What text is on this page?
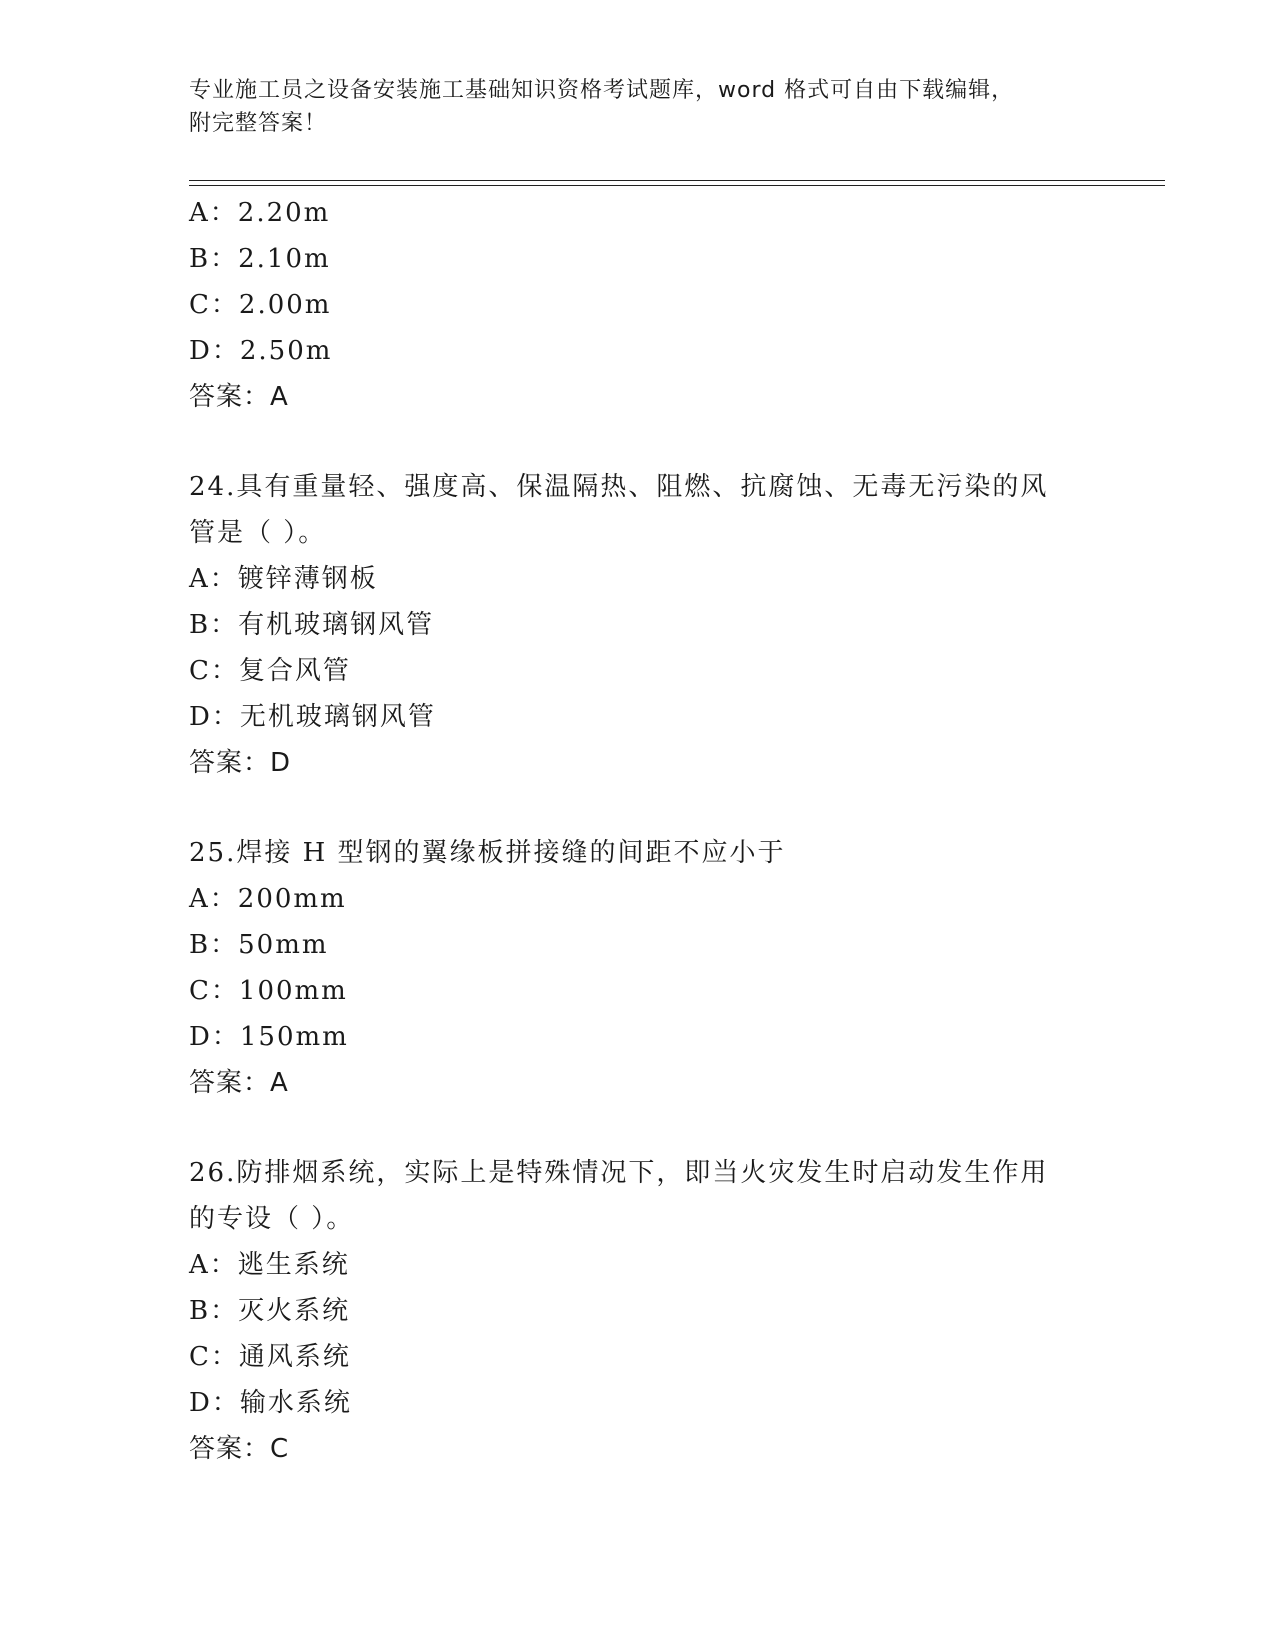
专业施工员之设备安装施工基础知识资格考试题库，word 格式可自由下载编辑，
附完整答案！
A：2.20m
B：2.10m
C：2.00m
D：2.50m
答案：A
24.具有重量轻、强度高、保温隔热、阻燃、抗腐蚀、无毒无污染的风
管是（ ）。
A：镀锌薄钢板
B：有机玻璃钢风管
C：复合风管
D：无机玻璃钢风管
答案：D
25.焊接 H 型钢的翼缘板拼接缝的间距不应小于
A：200mm
B：50mm
C：100mm
D：150mm
答案：A
26.防排烟系统，实际上是特殊情况下，即当火灾发生时启动发生作用
的专设（ ）。
A：逃生系统
B：灭火系统
C：通风系统
D：输水系统
答案：C
